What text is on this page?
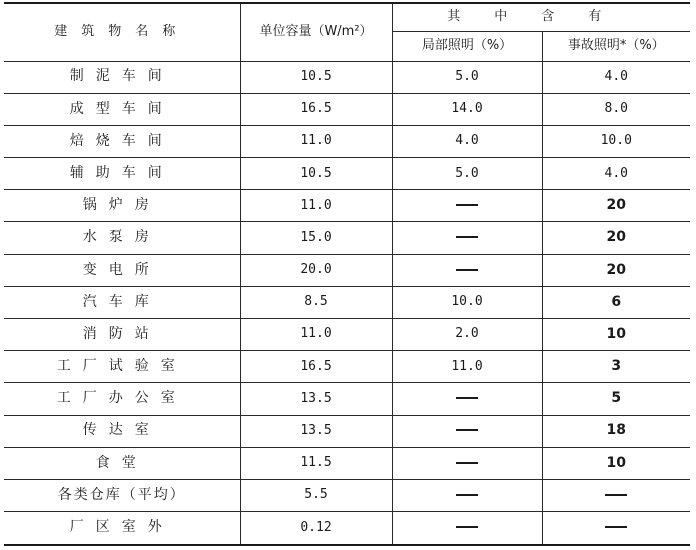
建筑物名称	单位容量（W/m²）	其中含有	
		局部照明（%）	事故照明*（%）
制泥车间	10.5	5.0	4.0
成型车间	16.5	14.0	8.0
焙烧车间	11.0	4.0	10.0
辅助车间	10.5	5.0	4.0
锅炉房	11.0		20
水泵房	15.0		20
变电所	20.0		20
汽车库	8.5	10.0	6
消防站	11.0	2.0	10
工厂试验室	16.5	11.0	3
工厂办公室	13.5		5
传达室	13.5		18
食堂	11.5		10
各类仓库（平均）	5.5		
厂区室外	0.12		
